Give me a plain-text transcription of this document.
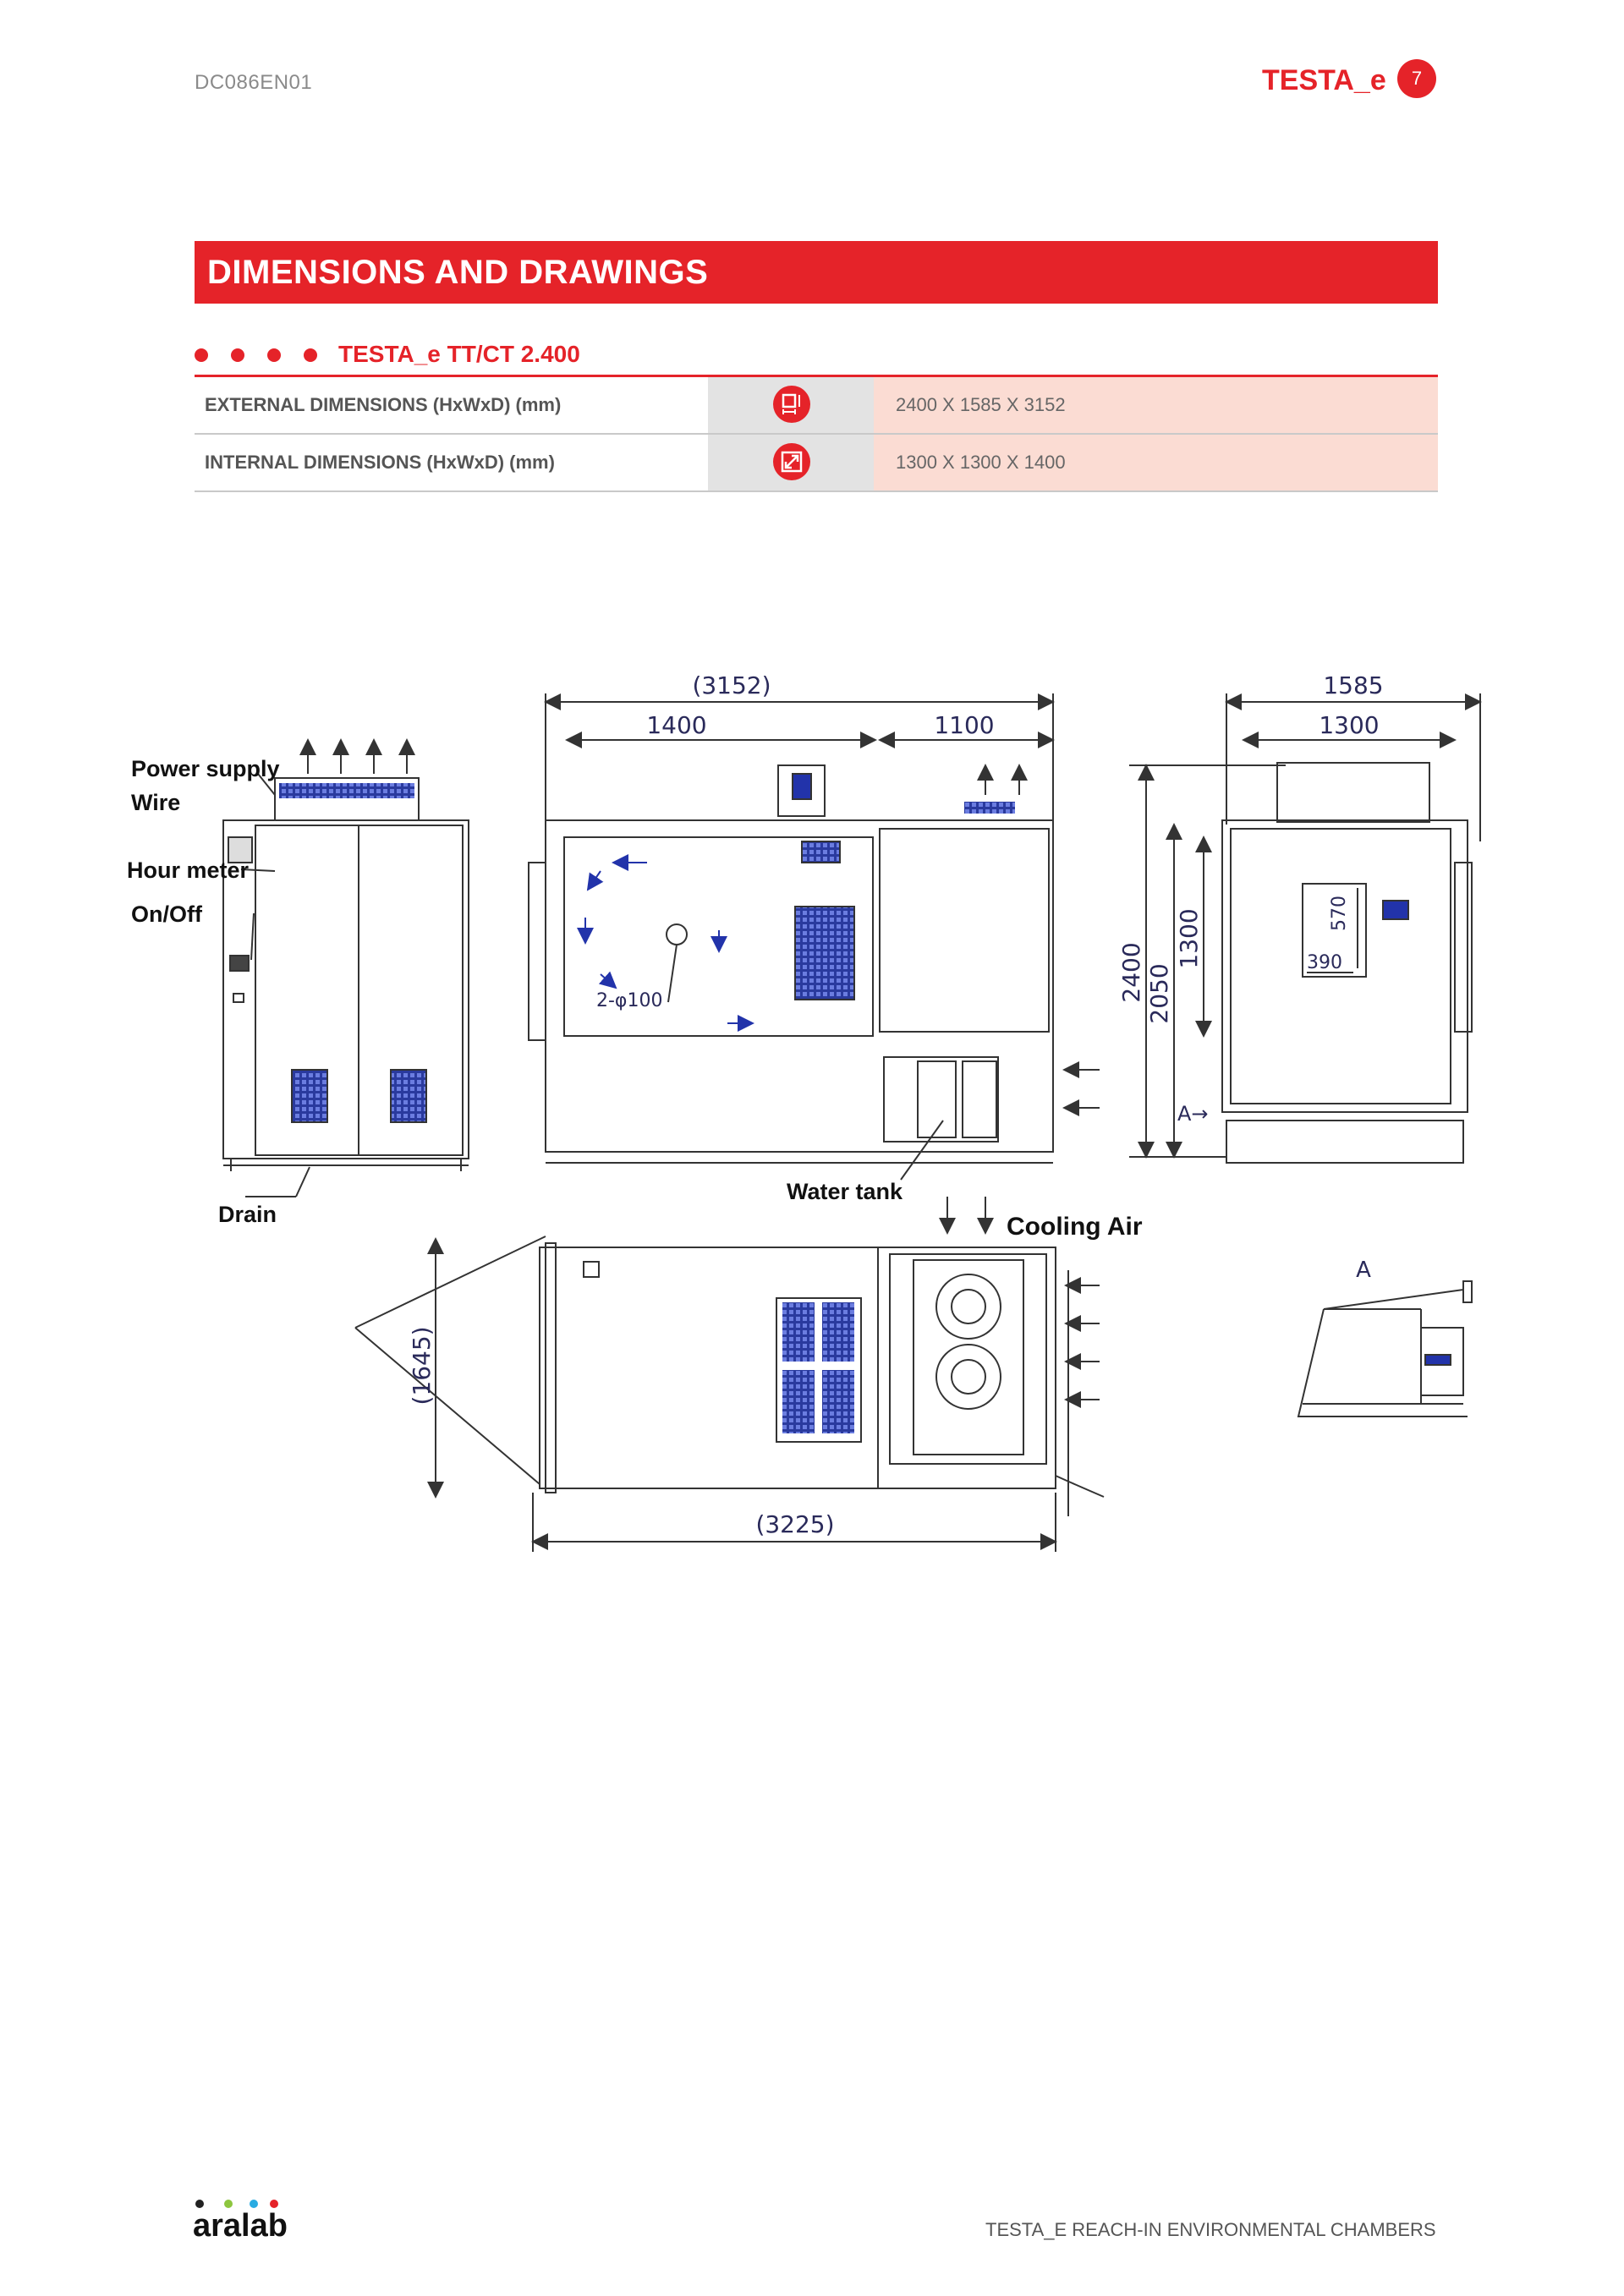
DC086EN01	TESTA_e	7
DIMENSIONS AND DRAWINGS
TESTA_e TT/CT 2.400
EXTERNAL DIMENSIONS (HxWxD) (mm)	2400 X 1585 X 3152
INTERNAL DIMENSIONS (HxWxD) (mm)	1300 X 1300 X 1400
Power supply
Wire
Hour meter
On/Off
Drain
(3152)
1400	1100
2-φ100
Water tank
2400 2050
1300	570
390
1585
1300
A→
(1645)
(3225)
Cooling Air
A
aralab	TESTA_E REACH-IN ENVIRONMENTAL CHAMBERS
